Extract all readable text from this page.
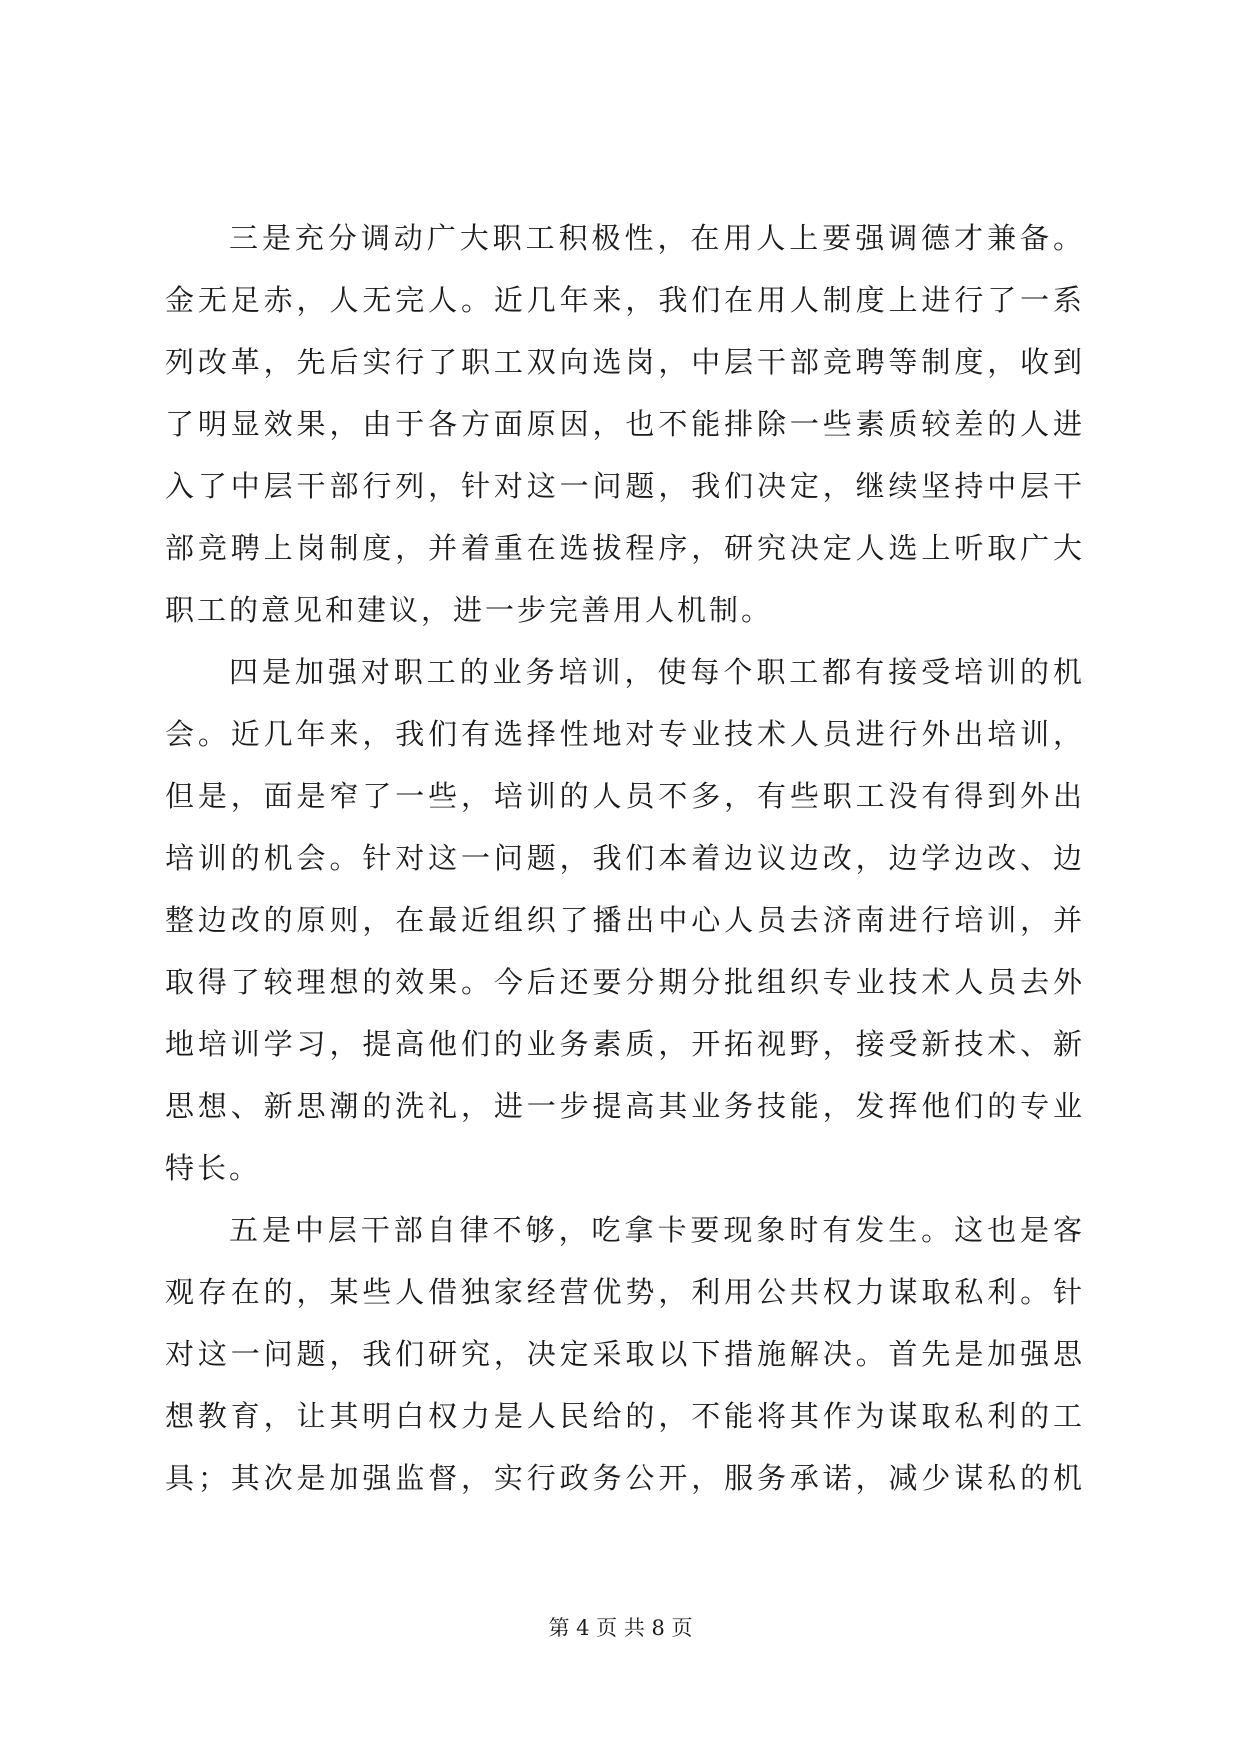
三是充分调动广大职工积极性，在用人上要强调德才兼备。
金无足赤，人无完人。近几年来，我们在用人制度上进行了一系
列改革，先后实行了职工双向选岗，中层干部竞聘等制度，收到
了明显效果，由于各方面原因，也不能排除一些素质较差的人进
入了中层干部行列，针对这一问题，我们决定，继续坚持中层干
部竞聘上岗制度，并着重在选拔程序，研究决定人选上听取广大
职工的意见和建议，进一步完善用人机制。
四是加强对职工的业务培训，使每个职工都有接受培训的机
会。近几年来，我们有选择性地对专业技术人员进行外出培训，
但是，面是窄了一些，培训的人员不多，有些职工没有得到外出
培训的机会。针对这一问题，我们本着边议边改，边学边改、边
整边改的原则，在最近组织了播出中心人员去济南进行培训，并
取得了较理想的效果。今后还要分期分批组织专业技术人员去外
地培训学习，提高他们的业务素质，开拓视野，接受新技术、新
思想、新思潮的洗礼，进一步提高其业务技能，发挥他们的专业
特长。
五是中层干部自律不够，吃拿卡要现象时有发生。这也是客
观存在的，某些人借独家经营优势，利用公共权力谋取私利。针
对这一问题，我们研究，决定采取以下措施解决。首先是加强思
想教育，让其明白权力是人民给的，不能将其作为谋取私利的工
具；其次是加强监督，实行政务公开，服务承诺，减少谋私的机
第 4 页 共 8 页
